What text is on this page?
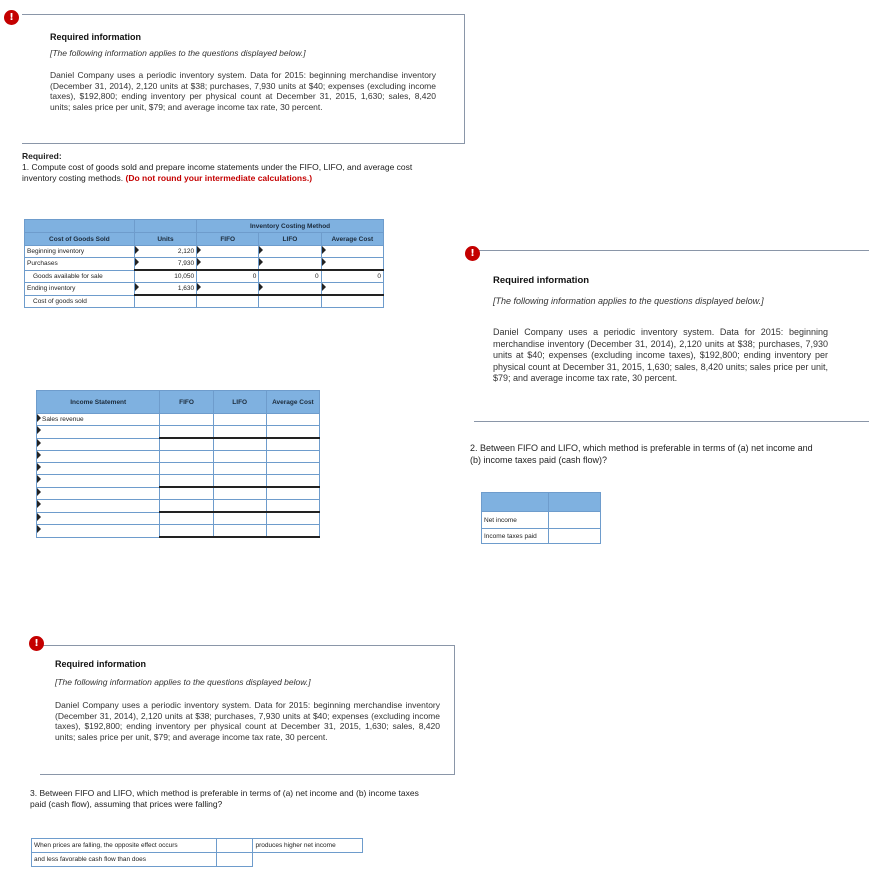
!
Required information
[The following information applies to the questions displayed below.]
Daniel Company uses a periodic inventory system. Data for 2015: beginning merchandise inventory (December 31, 2014), 2,120 units at $38; purchases, 7,930 units at $40; expenses (excluding income taxes), $192,800; ending inventory per physical count at December 31, 2015, 1,630; sales, 8,420 units; sales price per unit, $79; and average income tax rate, 30 percent.
Required:
1. Compute cost of goods sold and prepare income statements under the FIFO, LIFO, and average cost inventory costing methods. (Do not round your intermediate calculations.)
		Inventory Costing Method		

Cost of Goods Sold	Units	FIFO	LIFO	Average Cost
Beginning inventory	2,120	

Purchases	7,930	

Goods available for sale	10,050	0	0	0
Ending inventory	1,630	

Cost of goods sold				
Income Statement	FIFO	LIFO	Average Cost

Sales revenue			

!
Required information
[The following information applies to the questions displayed below.]
Daniel Company uses a periodic inventory system. Data for 2015: beginning merchandise inventory (December 31, 2014), 2,120 units at $38; purchases, 7,930 units at $40; expenses (excluding income taxes), $192,800; ending inventory per physical count at December 31, 2015, 1,630; sales, 8,420 units; sales price per unit, $79; and average income tax rate, 30 percent.
2. Between FIFO and LIFO, which method is preferable in terms of (a) net income and (b) income taxes paid (cash flow)?

Net income	
Income taxes paid	
!
Required information
[The following information applies to the questions displayed below.]
Daniel Company uses a periodic inventory system. Data for 2015: beginning merchandise inventory (December 31, 2014), 2,120 units at $38; purchases, 7,930 units at $40; expenses (excluding income taxes), $192,800; ending inventory per physical count at December 31, 2015, 1,630; sales, 8,420 units; sales price per unit, $79; and average income tax rate, 30 percent.
3. Between FIFO and LIFO, which method is preferable in terms of (a) net income and (b) income taxes paid (cash flow), assuming that prices were falling?
When prices are falling, the opposite effect occurs		produces higher net income
and less favorable cash flow than does		
